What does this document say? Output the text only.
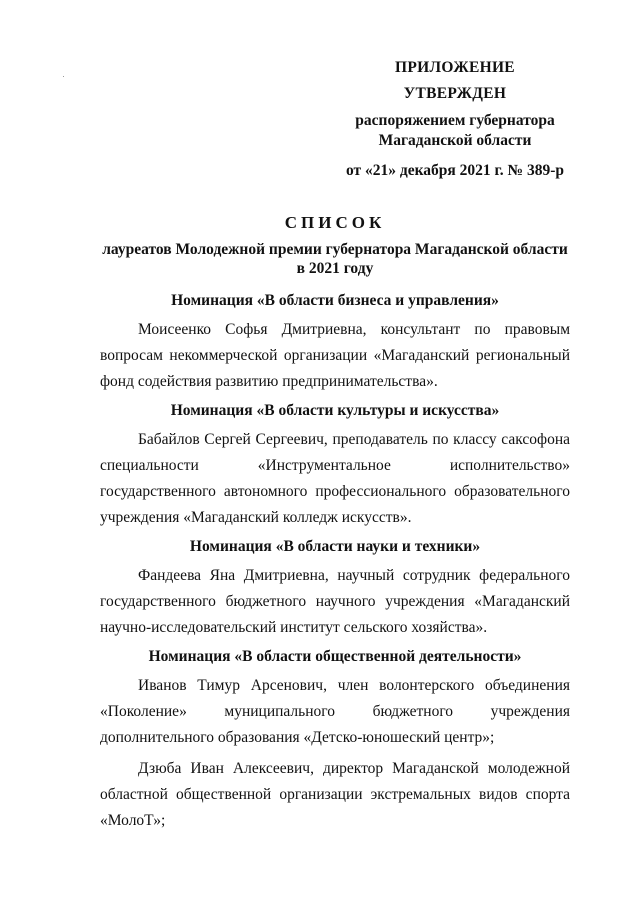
ПРИЛОЖЕНИЕ
УТВЕРЖДЕН
распоряжением губернатора
Магаданской области
от «21» декабря 2021 г. № 389-р
СПИСОК
лауреатов Молодежной премии губернатора Магаданской области
в 2021 году
Номинация «В области бизнеса и управления»
Моисеенко Софья Дмитриевна, консультант по правовым вопросам некоммерческой организации «Магаданский региональный фонд содействия развитию предпринимательства».
Номинация «В области культуры и искусства»
Бабайлов Сергей Сергеевич, преподаватель по классу саксофона специальности «Инструментальное исполнительство» государственного автономного профессионального образовательного учреждения «Магаданский колледж искусств».
Номинация «В области науки и техники»
Фандеева Яна Дмитриевна, научный сотрудник федерального государственного бюджетного научного учреждения «Магаданский научно-исследовательский институт сельского хозяйства».
Номинация «В области общественной деятельности»
Иванов Тимур Арсенович, член волонтерского объединения «Поколение» муниципального бюджетного учреждения дополнительного образования «Детско-юношеский центр»;
Дзюба Иван Алексеевич, директор Магаданской молодежной областной общественной организации экстремальных видов спорта «МолоТ»;
